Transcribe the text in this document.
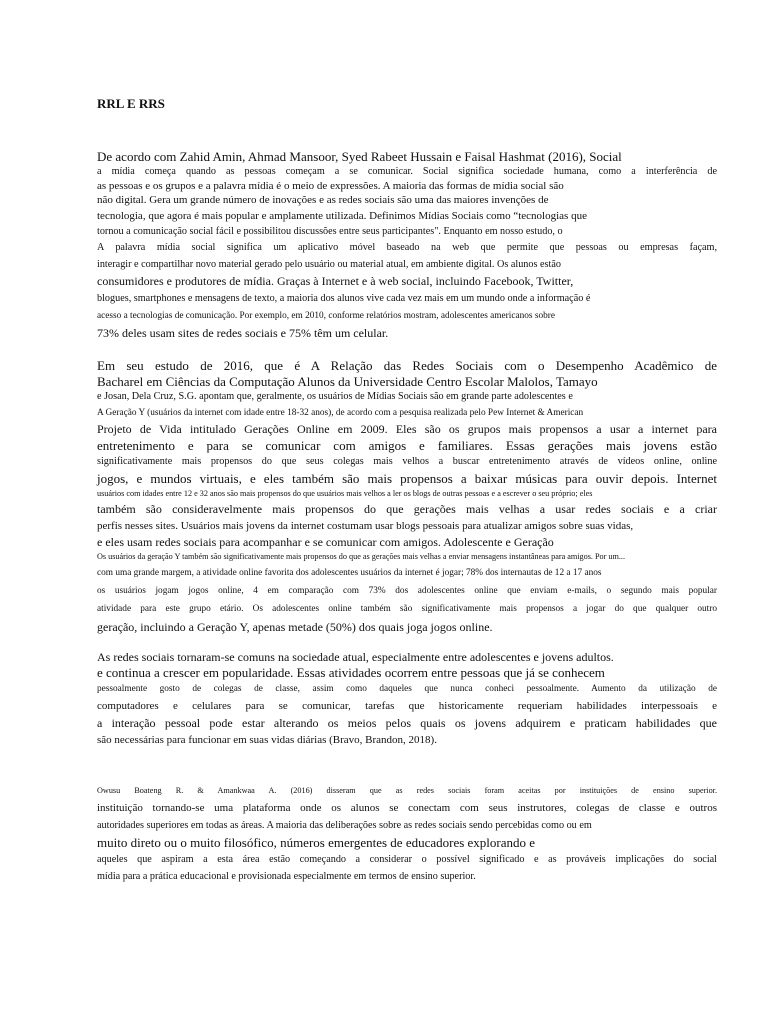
RRL E RRS
De acordo com Zahid Amin, Ahmad Mansoor, Syed Rabeet Hussain e Faisal Hashmat (2016), Social
a mídia começa quando as pessoas começam a se comunicar. Social significa sociedade humana, como a interferência de
as pessoas e os grupos e a palavra mídia é o meio de expressões. A maioria das formas de mídia social são
não digital. Gera um grande número de inovações e as redes sociais são uma das maiores invenções de
tecnologia, que agora é mais popular e amplamente utilizada. Definimos Mídias Sociais como “tecnologias que
tornou a comunicação social fácil e possibilitou discussões entre seus participantes". Enquanto em nosso estudo, o
A palavra mídia social significa um aplicativo móvel baseado na web que permite que pessoas ou empresas façam,
interagir e compartilhar novo material gerado pelo usuário ou material atual, em ambiente digital. Os alunos estão
consumidores e produtores de mídia. Graças à Internet e à web social, incluindo Facebook, Twitter,
blogues, smartphones e mensagens de texto, a maioria dos alunos vive cada vez mais em um mundo onde a informação é
acesso a tecnologias de comunicação. Por exemplo, em 2010, conforme relatórios mostram, adolescentes americanos sobre
73% deles usam sites de redes sociais e 75% têm um celular.
Em seu estudo de 2016, que é A Relação das Redes Sociais com o Desempenho Acadêmico de
Bacharel em Ciências da Computação Alunos da Universidade Centro Escolar Malolos, Tamayo
e Josan, Dela Cruz, S.G. apontam que, geralmente, os usuários de Mídias Sociais são em grande parte adolescentes e
A Geração Y (usuários da internet com idade entre 18-32 anos), de acordo com a pesquisa realizada pelo Pew Internet & American
Projeto de Vida intitulado Gerações Online em 2009. Eles são os grupos mais propensos a usar a internet para
entretenimento e para se comunicar com amigos e familiares. Essas gerações mais jovens estão
significativamente mais propensos do que seus colegas mais velhos a buscar entretenimento através de vídeos online, online
jogos, e mundos virtuais, e eles também são mais propensos a baixar músicas para ouvir depois. Internet
usuários com idades entre 12 e 32 anos são mais propensos do que usuários mais velhos a ler os blogs de outras pessoas e a escrever o seu próprio; eles
também são consideravelmente mais propensos do que gerações mais velhas a usar redes sociais e a criar
perfis nesses sites. Usuários mais jovens da internet costumam usar blogs pessoais para atualizar amigos sobre suas vidas,
e eles usam redes sociais para acompanhar e se comunicar com amigos. Adolescente e Geração
Os usuários da geração Y também são significativamente mais propensos do que as gerações mais velhas a enviar mensagens instantâneas para amigos. Por um...
com uma grande margem, a atividade online favorita dos adolescentes usuários da internet é jogar; 78% dos internautas de 12 a 17 anos
os usuários jogam jogos online, 4 em comparação com 73% dos adolescentes online que enviam e-mails, o segundo mais popular
atividade para este grupo etário. Os adolescentes online também são significativamente mais propensos a jogar do que qualquer outro
geração, incluindo a Geração Y, apenas metade (50%) dos quais joga jogos online.
As redes sociais tornaram-se comuns na sociedade atual, especialmente entre adolescentes e jovens adultos.
e continua a crescer em popularidade. Essas atividades ocorrem entre pessoas que já se conhecem
pessoalmente gosto de colegas de classe, assim como daqueles que nunca conheci pessoalmente. Aumento da utilização de
computadores e celulares para se comunicar, tarefas que historicamente requeriam habilidades interpessoais e
a interação pessoal pode estar alterando os meios pelos quais os jovens adquirem e praticam habilidades que
são necessárias para funcionar em suas vidas diárias (Bravo, Brandon, 2018).
Owusu Boateng R. & Amankwaa A. (2016) disseram que as redes sociais foram aceitas por instituições de ensino superior.
instituição tornando-se uma plataforma onde os alunos se conectam com seus instrutores, colegas de classe e outros
autoridades superiores em todas as áreas. A maioria das deliberações sobre as redes sociais sendo percebidas como ou em
muito direto ou o muito filosófico, números emergentes de educadores explorando e
aqueles que aspiram a esta área estão começando a considerar o possível significado e as prováveis implicações do social
mídia para a prática educacional e provisionada especialmente em termos de ensino superior.
